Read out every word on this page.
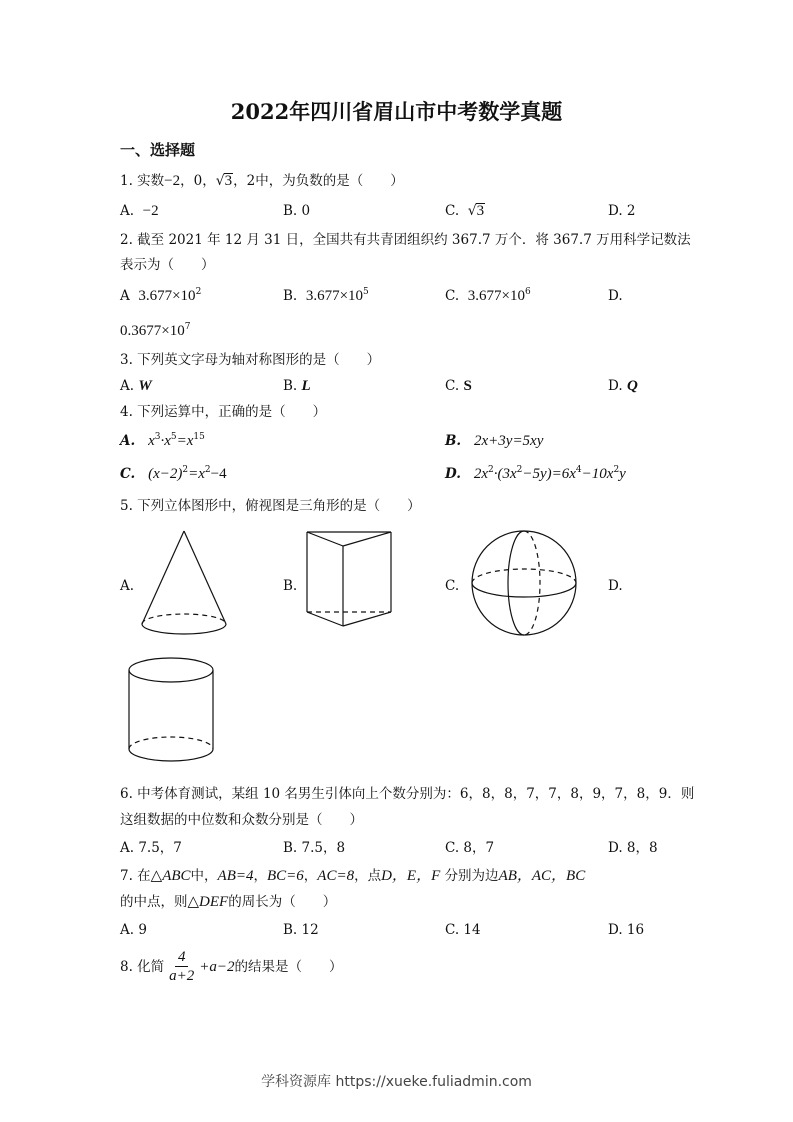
2022年四川省眉山市中考数学真题
一、选择题
1. 实数−2，0，√3，2中，为负数的是（　　）
A. −2	B. 0	C. √3	D. 2
2. 截至 2021 年 12 月 31 日，全国共有共青团组织约 367.7 万个．将 367.7 万用科学记数法
表示为（　　）
A $3.677\times 10^2$	B. $3.677\times 10^5$	C. $3.677\times 10^6$	D.
$0.3677\times 10^7$
3. 下列英文字母为轴对称图形的是（　　）
A. W	B. L	C. S	D. Q
4. 下列运算中，正确的是（　　）
A. $x^3\cdot x^5=x^{15}$	B. 2x+3y=5xy
C. $(x-2)^2=x^2-4$	D. $2x^2\cdot(3x^2-5y)=6x^4-10x^2y$
5. 下列立体图形中，俯视图是三角形的是（　　）
A.	B.	C.	D.
6. 中考体育测试，某组 10 名男生引体向上个数分别为：6，8，8，7，7，8，9，7，8，9．则
这组数据的中位数和众数分别是（　　）
A. 7.5，7	B. 7.5，8	C. 8，7	D. 8，8
7. 在△ABC中，AB=4，BC=6，AC=8，点D，E，F 分别为边AB，AC，BC
的中点，则△DEF的周长为（　　）
A. 9	B. 12	C. 14	D. 16
8. 化简 $\frac{4}{a+2} +a-2$ 的结果是（　　）
学科资源库 https://xueke.fuliadmin.com
